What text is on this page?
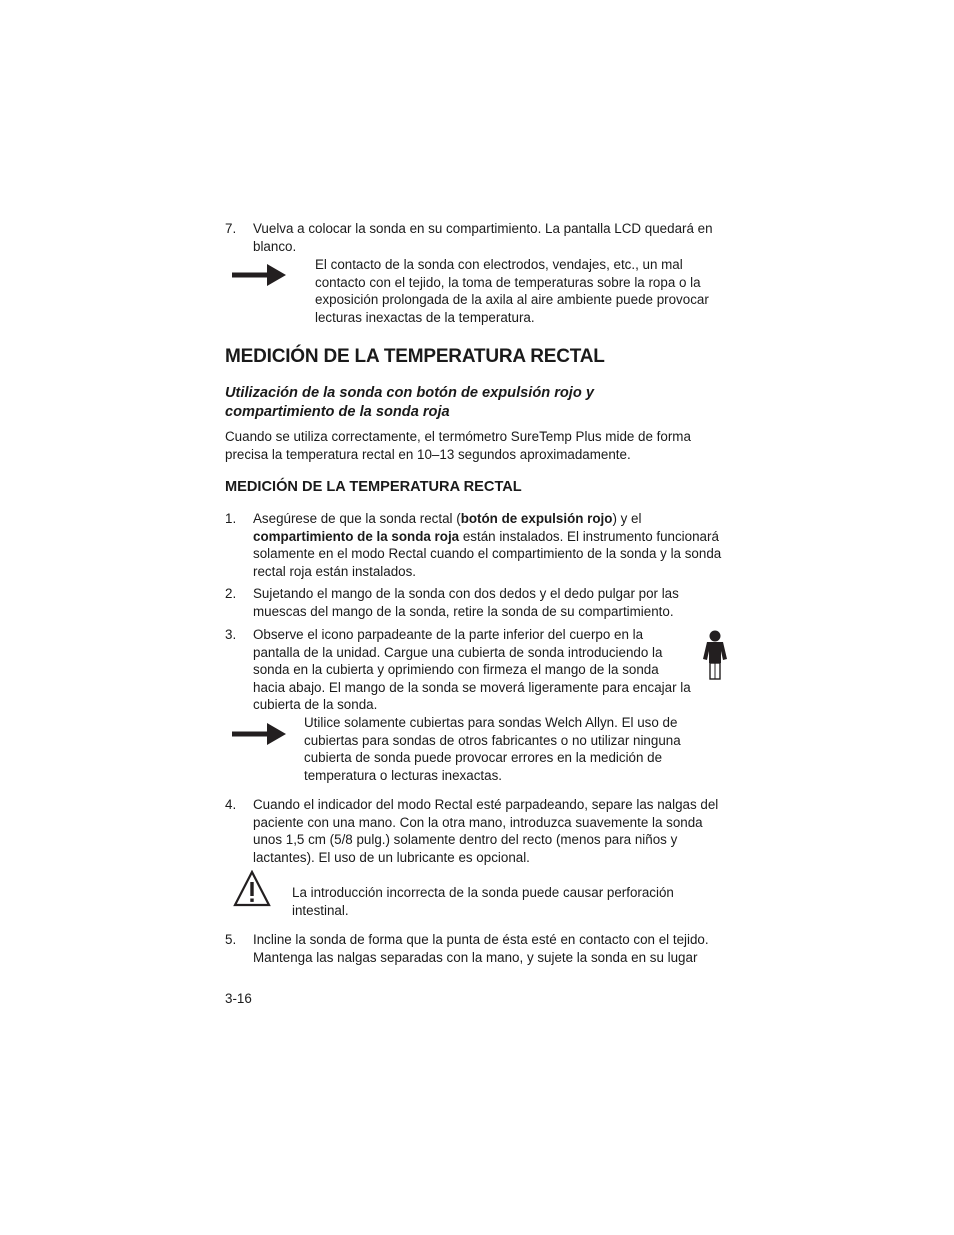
7. Vuelva a colocar la sonda en su compartimiento. La pantalla LCD quedará en blanco.
El contacto de la sonda con electrodos, vendajes, etc., un mal contacto con el tejido, la toma de temperaturas sobre la ropa o la exposición prolongada de la axila al aire ambiente puede provocar lecturas inexactas de la temperatura.
MEDICIÓN DE LA TEMPERATURA RECTAL
Utilización de la sonda con botón de expulsión rojo y compartimiento de la sonda roja
Cuando se utiliza correctamente, el termómetro SureTemp Plus mide de forma precisa la temperatura rectal en 10–13 segundos aproximadamente.
MEDICIÓN DE LA TEMPERATURA RECTAL
1. Asegúrese de que la sonda rectal (botón de expulsión rojo) y el compartimiento de la sonda roja están instalados. El instrumento funcionará solamente en el modo Rectal cuando el compartimiento de la sonda y la sonda rectal roja están instalados.
2. Sujetando el mango de la sonda con dos dedos y el dedo pulgar por las muescas del mango de la sonda, retire la sonda de su compartimiento.
3. Observe el icono parpadeante de la parte inferior del cuerpo en la pantalla de la unidad. Cargue una cubierta de sonda introduciendo la sonda en la cubierta y oprimiendo con firmeza el mango de la sonda hacia abajo. El mango de la sonda se moverá ligeramente para encajar la cubierta de la sonda.
Utilice solamente cubiertas para sondas Welch Allyn. El uso de cubiertas para sondas de otros fabricantes o no utilizar ninguna cubierta de sonda puede provocar errores en la medición de temperatura o lecturas inexactas.
4. Cuando el indicador del modo Rectal esté parpadeando, separe las nalgas del paciente con una mano. Con la otra mano, introduzca suavemente la sonda unos 1,5 cm (5/8 pulg.) solamente dentro del recto (menos para niños y lactantes). El uso de un lubricante es opcional.
La introducción incorrecta de la sonda puede causar perforación intestinal.
5. Incline la sonda de forma que la punta de ésta esté en contacto con el tejido. Mantenga las nalgas separadas con la mano, y sujete la sonda en su lugar
3-16
